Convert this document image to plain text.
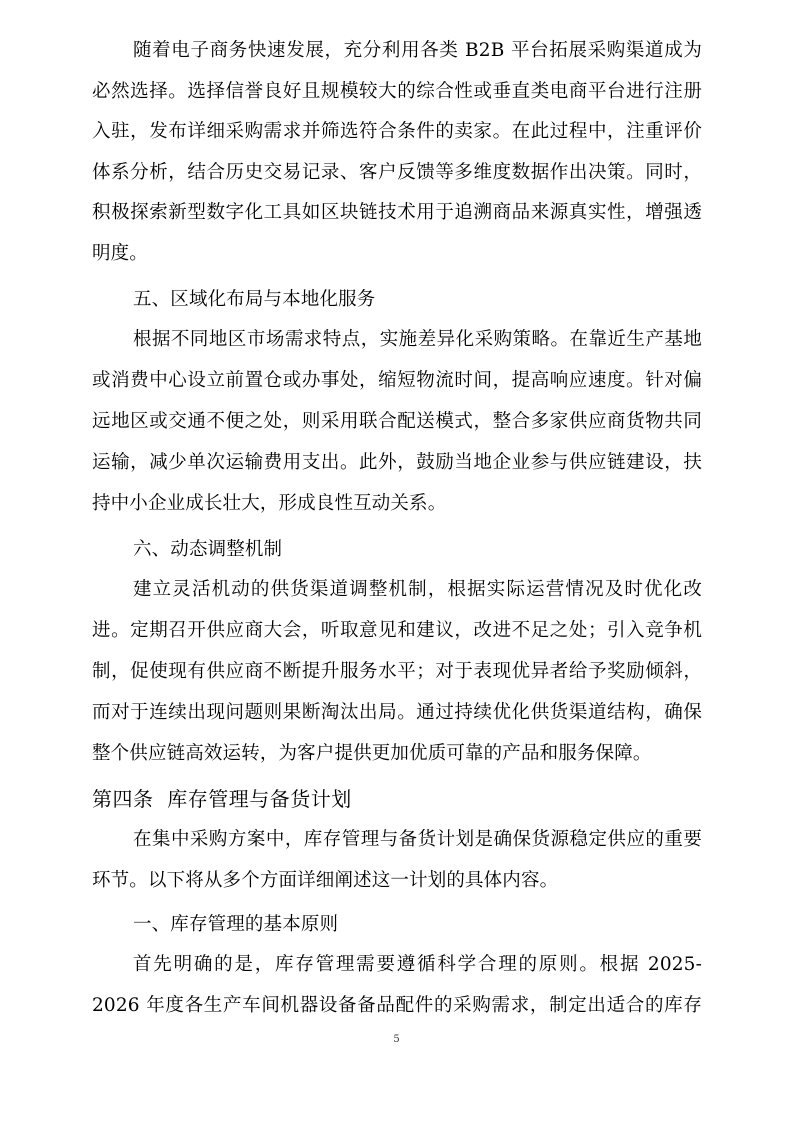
随着电子商务快速发展，充分利用各类 B2B 平台拓展采购渠道成为
必然选择。选择信誉良好且规模较大的综合性或垂直类电商平台进行注册
入驻，发布详细采购需求并筛选符合条件的卖家。在此过程中，注重评价
体系分析，结合历史交易记录、客户反馈等多维度数据作出决策。同时，
积极探索新型数字化工具如区块链技术用于追溯商品来源真实性，增强透
明度。
五、区域化布局与本地化服务
根据不同地区市场需求特点，实施差异化采购策略。在靠近生产基地
或消费中心设立前置仓或办事处，缩短物流时间，提高响应速度。针对偏
远地区或交通不便之处，则采用联合配送模式，整合多家供应商货物共同
运输，减少单次运输费用支出。此外，鼓励当地企业参与供应链建设，扶
持中小企业成长壮大，形成良性互动关系。
六、动态调整机制
建立灵活机动的供货渠道调整机制，根据实际运营情况及时优化改
进。定期召开供应商大会，听取意见和建议，改进不足之处；引入竞争机
制，促使现有供应商不断提升服务水平；对于表现优异者给予奖励倾斜，
而对于连续出现问题则果断淘汰出局。通过持续优化供货渠道结构，确保
整个供应链高效运转，为客户提供更加优质可靠的产品和服务保障。
第四条  库存管理与备货计划
在集中采购方案中，库存管理与备货计划是确保货源稳定供应的重要
环节。以下将从多个方面详细阐述这一计划的具体内容。
一、库存管理的基本原则
首先明确的是，库存管理需要遵循科学合理的原则。根据 2025-
2026 年度各生产车间机器设备备品配件的采购需求，制定出适合的库存
5
